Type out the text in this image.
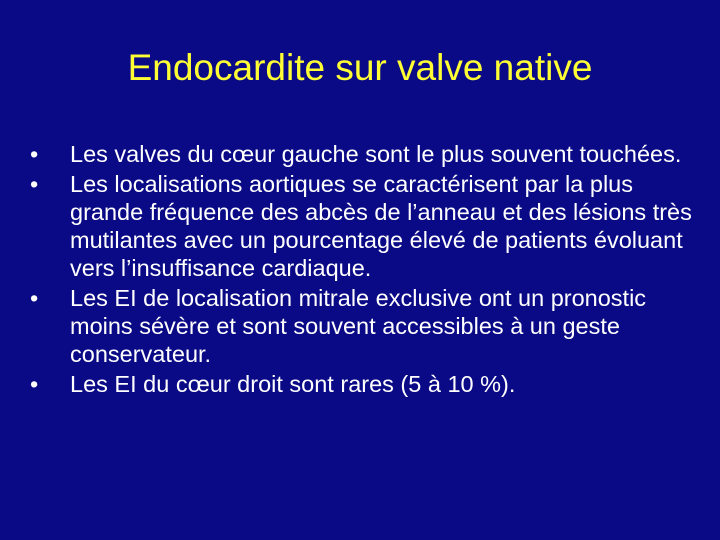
Endocardite sur valve native
•	Les valves du cœur gauche sont le plus souvent touchées.
•	Les localisations aortiques se caractérisent par la plus grande fréquence des abcès de l’anneau et des lésions très mutilantes avec un pourcentage élevé de patients évoluant vers l’insuffisance cardiaque.
•	Les EI de localisation mitrale exclusive ont un pronostic moins sévère et sont souvent accessibles à un geste conservateur.
•	Les EI du cœur droit sont rares (5 à 10 %).
